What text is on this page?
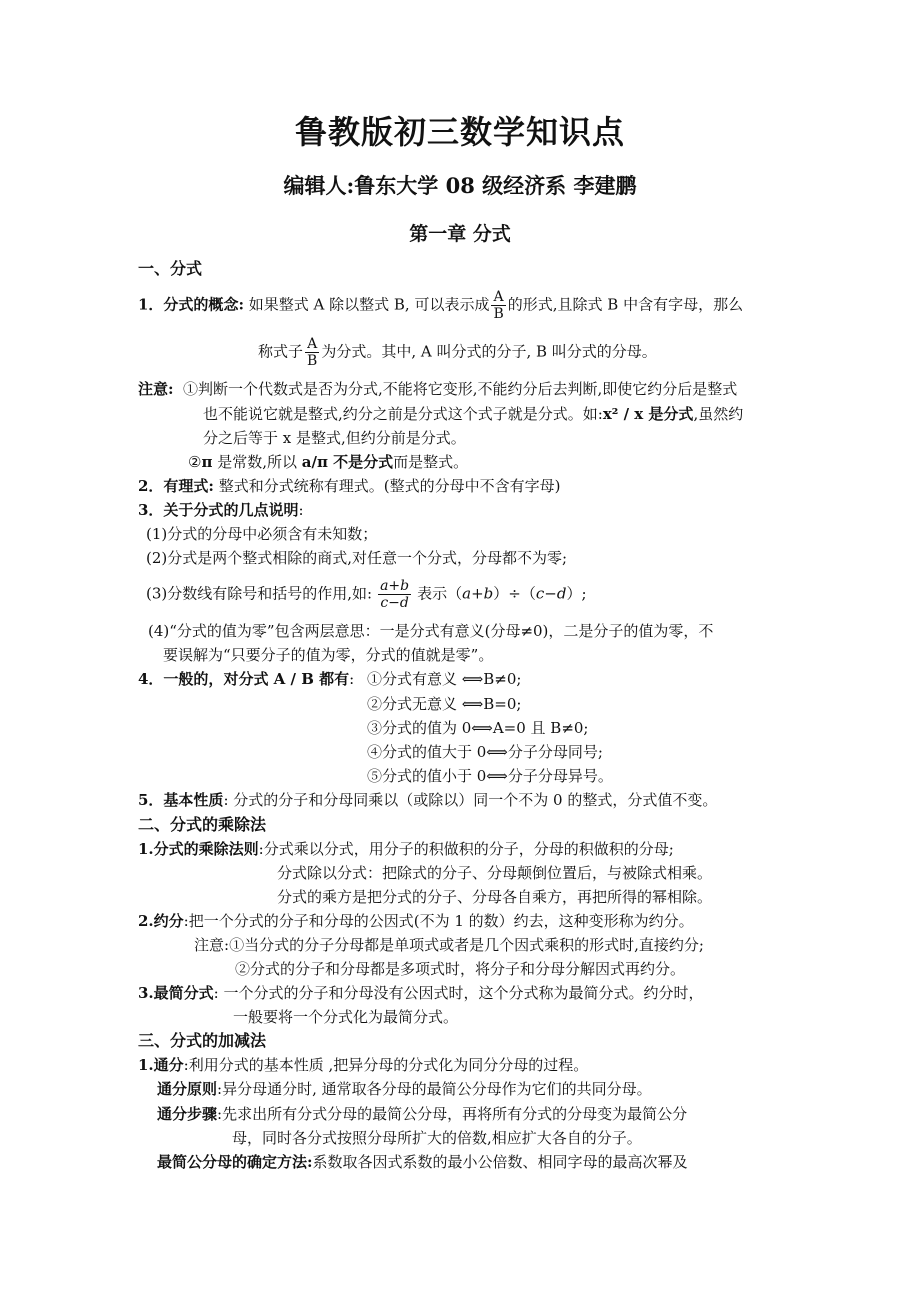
鲁教版初三数学知识点
编辑人:鲁东大学 08 级经济系 李建鹏
第一章 分式
一、分式
1．分式的概念: 如果整式 A 除以整式 B, 可以表示成 $\frac{A}{B}$ 的形式,且除式 B 中含有字母，那么
称式子 $\frac{A}{B}$ 为分式。其中, A 叫分式的分子, B 叫分式的分母。
注意: ①判断一个代数式是否为分式,不能将它变形,不能约分后去判断,即使它约分后是整式
也不能说它就是整式,约分之前是分式这个式子就是分式。如:x² / x 是分式,虽然约
分之后等于 x 是整式,但约分前是分式。
②π 是常数,所以 a/π 不是分式而是整式。
2．有理式: 整式和分式统称有理式。(整式的分母中不含有字母)
3．关于分式的几点说明:
(1)分式的分母中必须含有未知数；
(2)分式是两个整式相除的商式,对任意一个分式，分母都不为零;
(3)分数线有除号和括号的作用,如: $\frac{a+b}{c-d}$ 表示（a+b）÷（c−d）;
(4)“分式的值为零”包含两层意思：一是分式有意义(分母≠0)，二是分子的值为零，不
要误解为“只要分子的值为零，分式的值就是零”。
4．一般的，对分式 A / B 都有: ①分式有意义 ⟺B≠0;
②分式无意义 ⟺B=0;
③分式的值为 0⟺A=0 且 B≠0;
④分式的值大于 0⟺分子分母同号;
⑤分式的值小于 0⟺分子分母异号。
5．基本性质: 分式的分子和分母同乘以（或除以）同一个不为 0 的整式，分式值不变。
二、分式的乘除法
1.分式的乘除法则:分式乘以分式，用分子的积做积的分子，分母的积做积的分母;
分式除以分式：把除式的分子、分母颠倒位置后，与被除式相乘。
分式的乘方是把分式的分子、分母各自乘方，再把所得的幂相除。
2.约分:把一个分式的分子和分母的公因式(不为 1 的数）约去，这种变形称为约分。
注意:①当分式的分子分母都是单项式或者是几个因式乘积的形式时,直接约分;
②分式的分子和分母都是多项式时，将分子和分母分解因式再约分。
3.最简分式: 一个分式的分子和分母没有公因式时，这个分式称为最简分式。约分时，
一般要将一个分式化为最简分式。
三、分式的加减法
1.通分:利用分式的基本性质 ,把异分母的分式化为同分分母的过程。
通分原则:异分母通分时, 通常取各分母的最简公分母作为它们的共同分母。
通分步骤:先求出所有分式分母的最简公分母，再将所有分式的分母变为最简公分
母，同时各分式按照分母所扩大的倍数,相应扩大各自的分子。
最简公分母的确定方法:系数取各因式系数的最小公倍数、相同字母的最高次幂及
